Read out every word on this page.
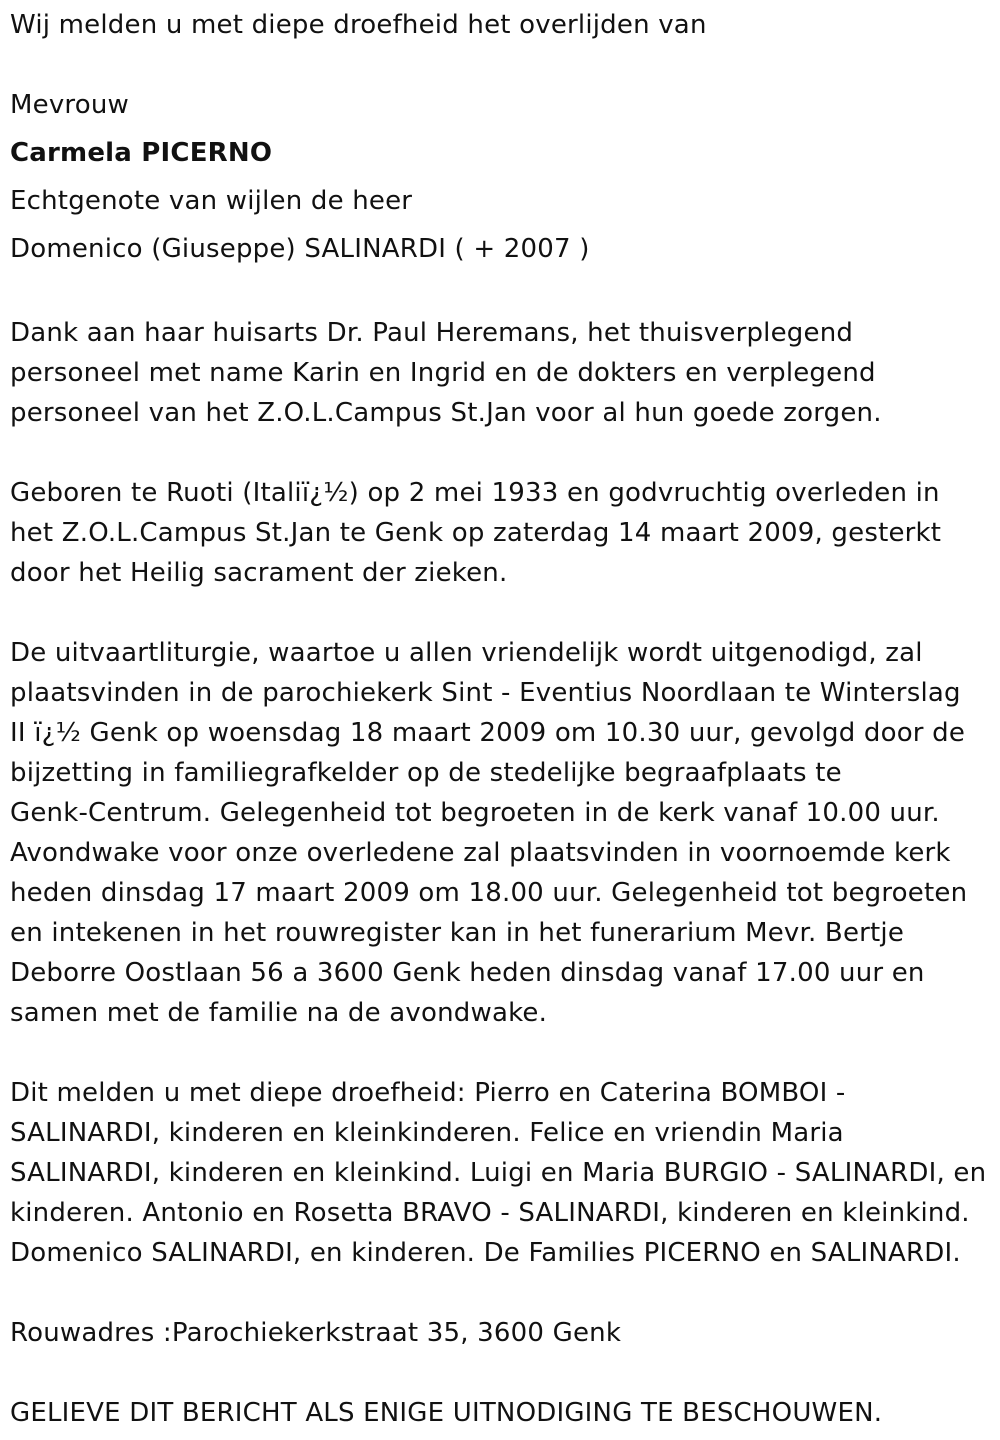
Wij melden u met diepe droefheid het overlijden van

Mevrouw

Carmela PICERNO

Echtgenote van wijlen de heer

Domenico (Giuseppe) SALINARDI ( + 2007 )

Dank aan haar huisarts Dr. Paul Heremans, het thuisverplegend
personeel met name Karin en Ingrid en de dokters en verplegend
personeel van het Z.O.L.Campus St.Jan voor al hun goede zorgen.

Geboren te Ruoti (Italiï¿½) op 2 mei 1933 en godvruchtig overleden in
het Z.O.L.Campus St.Jan te Genk op zaterdag 14 maart 2009, gesterkt
door het Heilig sacrament der zieken.

De uitvaartliturgie, waartoe u allen vriendelijk wordt uitgenodigd, zal
plaatsvinden in de parochiekerk Sint - Eventius Noordlaan te Winterslag
II ï¿½ Genk op woensdag 18 maart 2009 om 10.30 uur, gevolgd door de
bijzetting in familiegrafkelder op de stedelijke begraafplaats te
Genk-Centrum. Gelegenheid tot begroeten in de kerk vanaf 10.00 uur.
Avondwake voor onze overledene zal plaatsvinden in voornoemde kerk
heden dinsdag 17 maart 2009 om 18.00 uur. Gelegenheid tot begroeten
en intekenen in het rouwregister kan in het funerarium Mevr. Bertje
Deborre Oostlaan 56 a 3600 Genk heden dinsdag vanaf 17.00 uur en
samen met de familie na de avondwake.

Dit melden u met diepe droefheid: Pierro en Caterina BOMBOI -
SALINARDI, kinderen en kleinkinderen. Felice en vriendin Maria
SALINARDI, kinderen en kleinkind. Luigi en Maria BURGIO - SALINARDI, en
kinderen. Antonio en Rosetta BRAVO - SALINARDI, kinderen en kleinkind.
Domenico SALINARDI, en kinderen. De Families PICERNO en SALINARDI.

Rouwadres :Parochiekerkstraat 35, 3600 Genk

GELIEVE DIT BERICHT ALS ENIGE UITNODIGING TE BESCHOUWEN.
